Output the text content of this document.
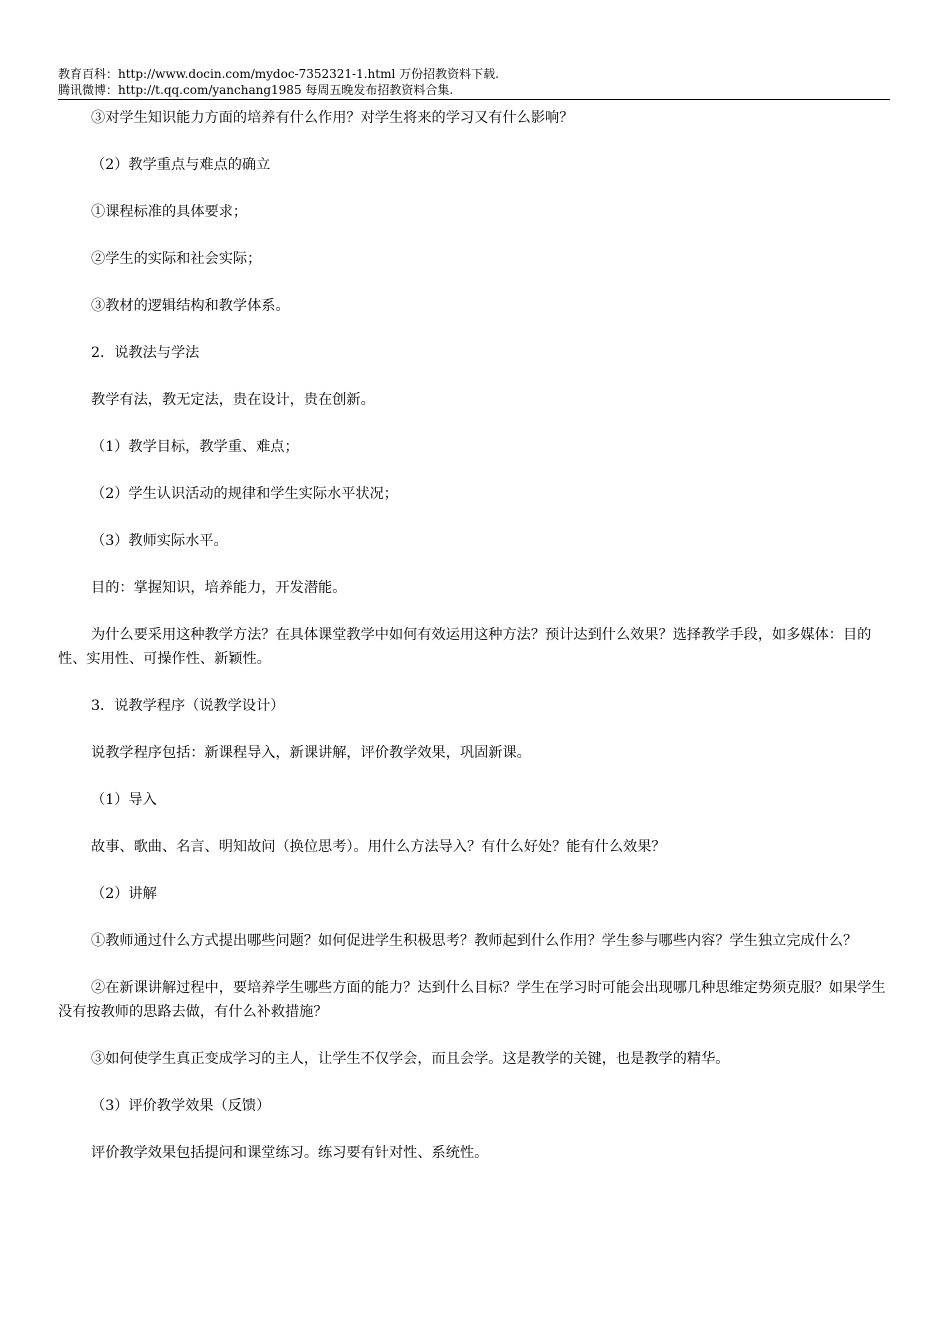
教育百科：http://www.docin.com/mydoc-7352321-1.html 万份招教资料下载.
腾讯微博：http://t.qq.com/yanchang1985 每周五晚发布招教资料合集.

③对学生知识能力方面的培养有什么作用？对学生将来的学习又有什么影响？

（2）教学重点与难点的确立

①课程标准的具体要求；

②学生的实际和社会实际；

③教材的逻辑结构和教学体系。

2．说教法与学法

教学有法，教无定法，贵在设计，贵在创新。

（1）教学目标，教学重、难点；

（2）学生认识活动的规律和学生实际水平状况；

（3）教师实际水平。

目的：掌握知识，培养能力，开发潜能。

为什么要采用这种教学方法？在具体课堂教学中如何有效运用这种方法？预计达到什么效果？选择教学手段，如多媒体：目的性、实用性、可操作性、新颖性。

3．说教学程序（说教学设计）

说教学程序包括：新课程导入，新课讲解，评价教学效果，巩固新课。

（1）导入

故事、歌曲、名言、明知故问（换位思考）。用什么方法导入？有什么好处？能有什么效果？

（2）讲解

①教师通过什么方式提出哪些问题？如何促进学生积极思考？教师起到什么作用？学生参与哪些内容？学生独立完成什么？

②在新课讲解过程中，要培养学生哪些方面的能力？达到什么目标？学生在学习时可能会出现哪几种思维定势须克服？如果学生没有按教师的思路去做，有什么补救措施？

③如何使学生真正变成学习的主人，让学生不仅学会，而且会学。这是教学的关键，也是教学的精华。

（3）评价教学效果（反馈）

评价教学效果包括提问和课堂练习。练习要有针对性、系统性。
